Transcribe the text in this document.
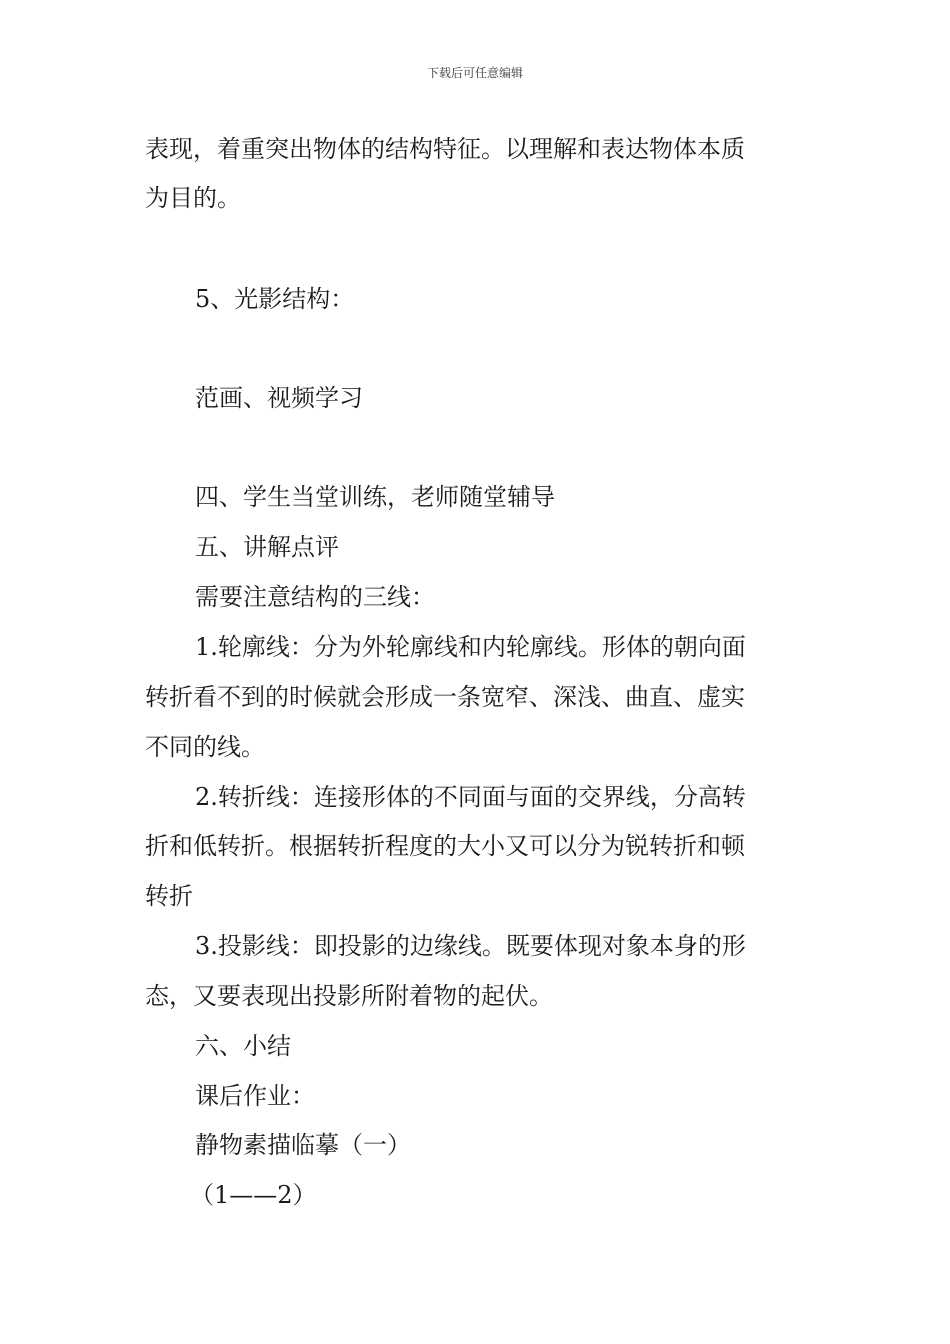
下载后可任意编辑
表现，着重突出物体的结构特征。以理解和表达物体本质
为目的。
5、光影结构：
范画、视频学习
四、学生当堂训练，老师随堂辅导
五、讲解点评
需要注意结构的三线：
1.轮廓线：分为外轮廓线和内轮廓线。形体的朝向面
转折看不到的时候就会形成一条宽窄、深浅、曲直、虚实
不同的线。
2.转折线：连接形体的不同面与面的交界线，分高转
折和低转折。根据转折程度的大小又可以分为锐转折和顿
转折
3.投影线：即投影的边缘线。既要体现对象本身的形
态，又要表现出投影所附着物的起伏。
六、小结
课后作业：
静物素描临摹（一）
（1——2）
